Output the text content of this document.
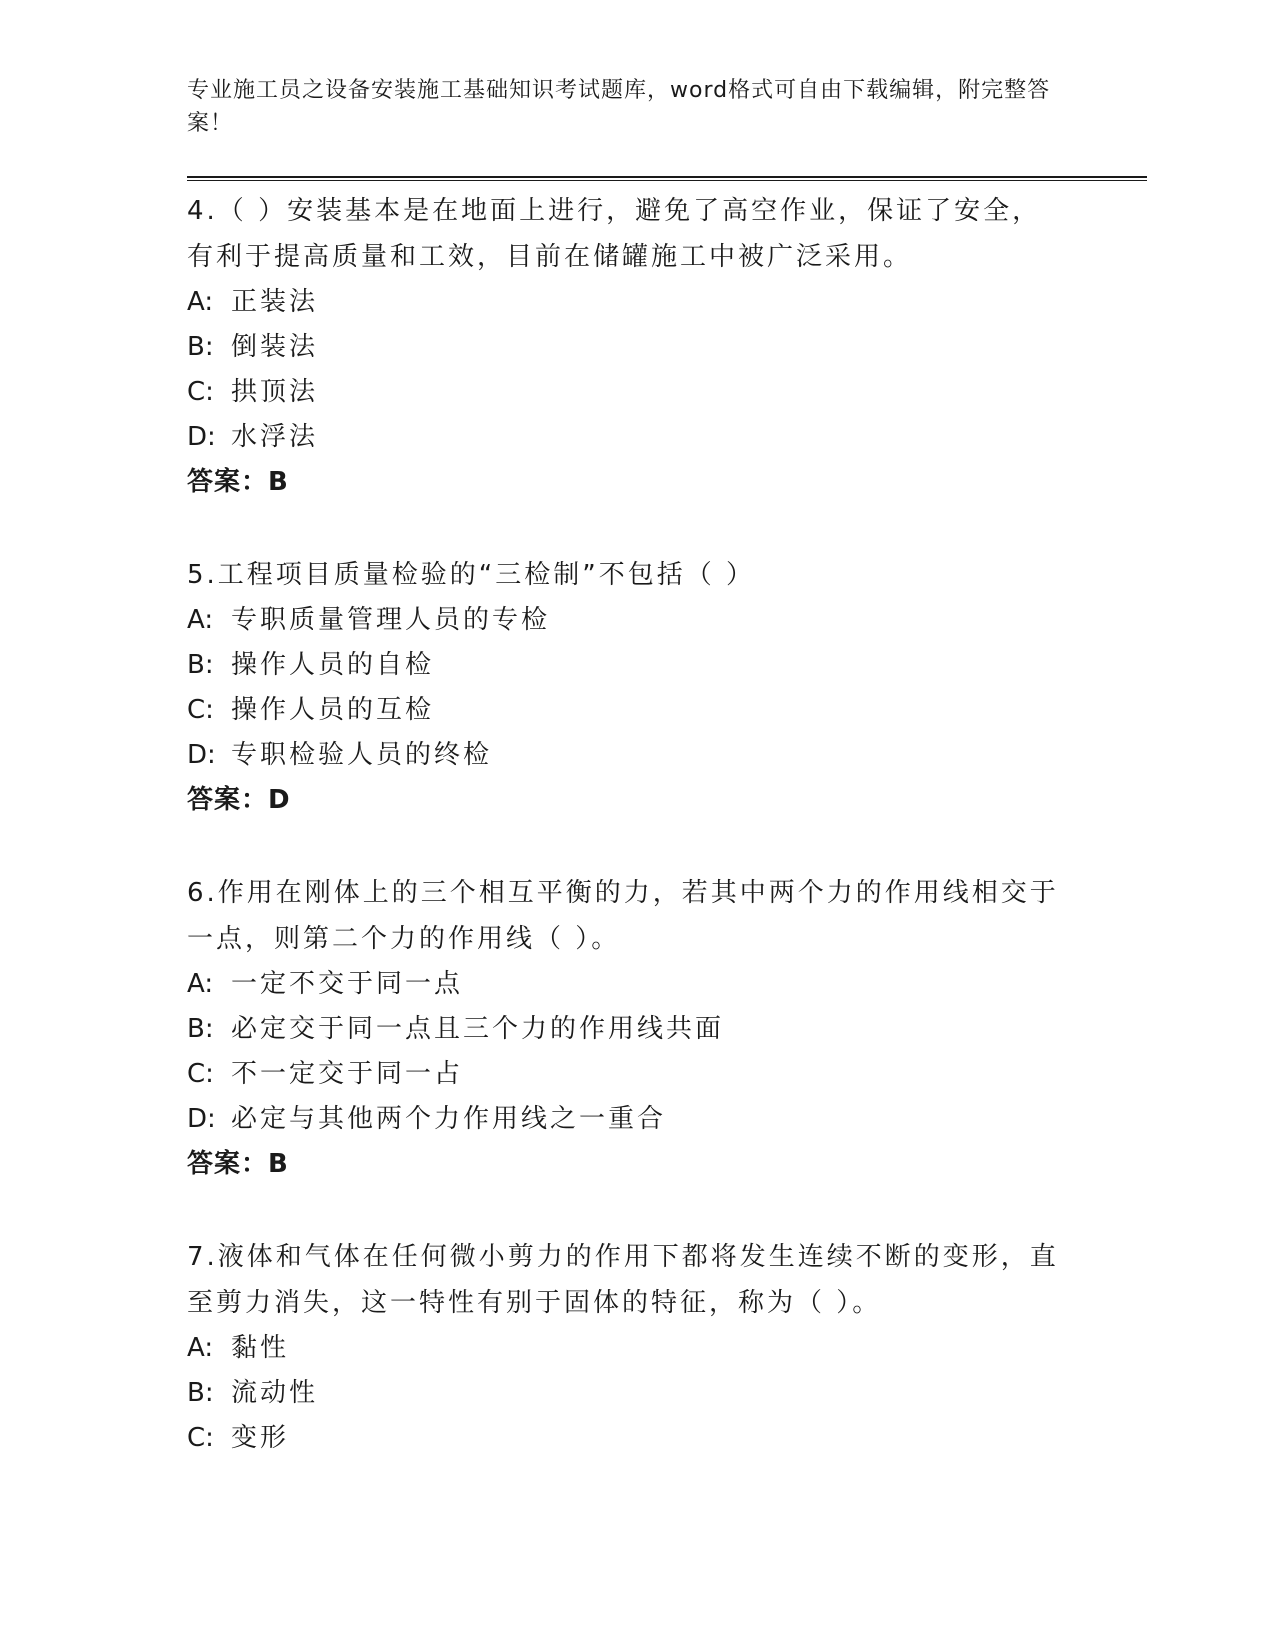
专业施工员之设备安装施工基础知识考试题库，word格式可自由下载编辑，附完整答案！

4.（ ）安装基本是在地面上进行，避免了高空作业，保证了安全，有利于提高质量和工效，目前在储罐施工中被广泛采用。

A: 正装法

B: 倒装法

C: 拱顶法

D: 水浮法

答案：B

5.工程项目质量检验的“三检制”不包括（ ）

A: 专职质量管理人员的专检

B: 操作人员的自检

C: 操作人员的互检

D: 专职检验人员的终检

答案：D

6.作用在刚体上的三个相互平衡的力，若其中两个力的作用线相交于一点，则第二个力的作用线（ ）。

A: 一定不交于同一点

B: 必定交于同一点且三个力的作用线共面

C: 不一定交于同一占

D: 必定与其他两个力作用线之一重合

答案：B

7.液体和气体在任何微小剪力的作用下都将发生连续不断的变形，直至剪力消失，这一特性有别于固体的特征，称为（ ）。

A: 黏性

B: 流动性

C: 变形
